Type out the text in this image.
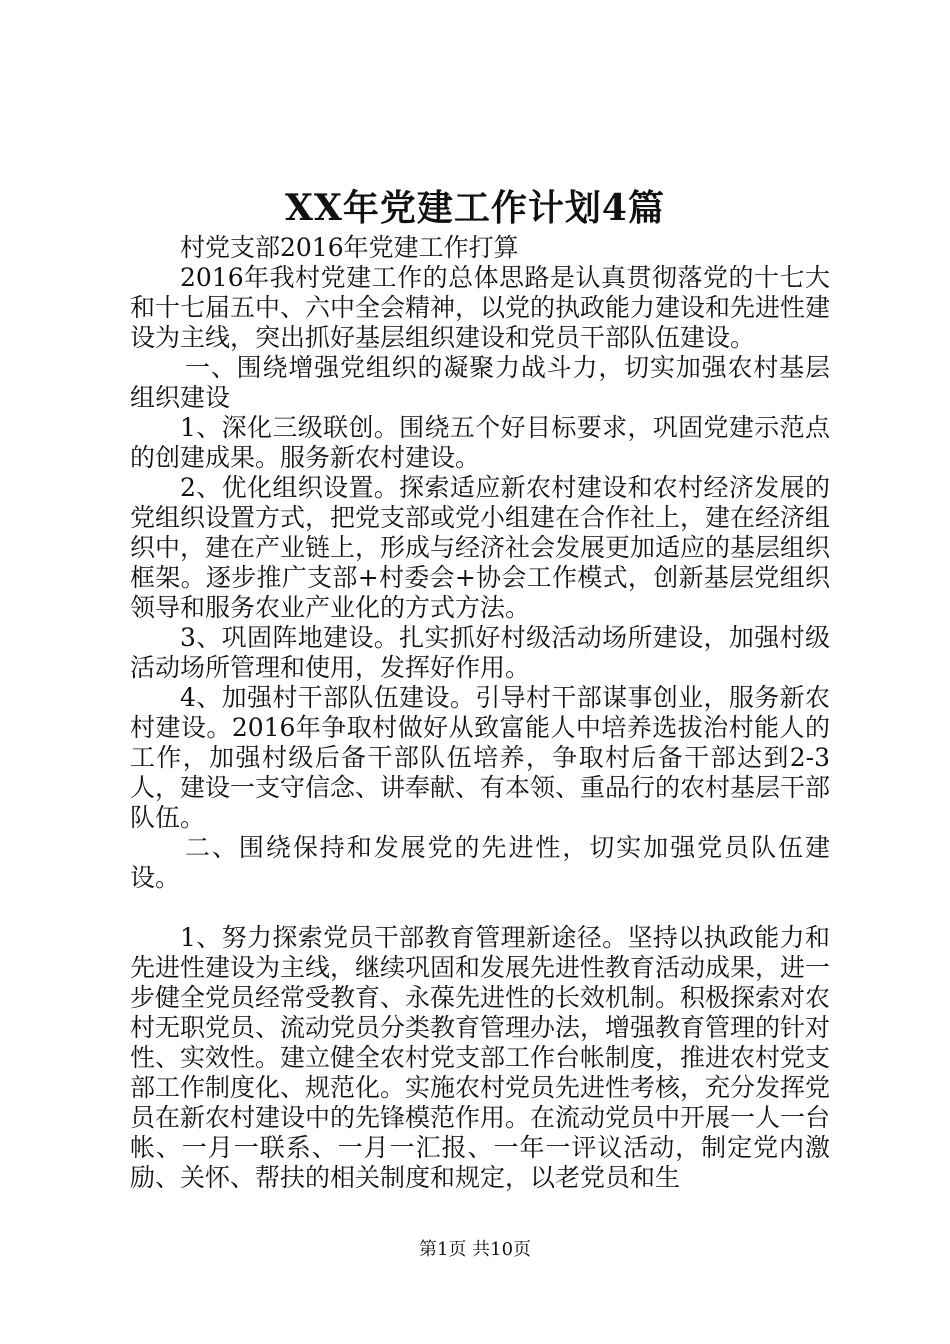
XX年党建工作计划4篇

村党支部2016年党建工作打算

2016年我村党建工作的总体思路是认真贯彻落党的十七大和十七届五中、六中全会精神，以党的执政能力建设和先进性建设为主线，突出抓好基层组织建设和党员干部队伍建设。

一、围绕增强党组织的凝聚力战斗力，切实加强农村基层组织建设

1、深化三级联创。围绕五个好目标要求，巩固党建示范点的创建成果。服务新农村建设。

2、优化组织设置。探索适应新农村建设和农村经济发展的党组织设置方式，把党支部或党小组建在合作社上，建在经济组织中，建在产业链上，形成与经济社会发展更加适应的基层组织框架。逐步推广支部+村委会+协会工作模式，创新基层党组织领导和服务农业产业化的方式方法。

3、巩固阵地建设。扎实抓好村级活动场所建设，加强村级活动场所管理和使用，发挥好作用。

4、加强村干部队伍建设。引导村干部谋事创业，服务新农村建设。2016年争取村做好从致富能人中培养选拔治村能人的工作，加强村级后备干部队伍培养，争取村后备干部达到2-3人，建设一支守信念、讲奉献、有本领、重品行的农村基层干部队伍。

二、围绕保持和发展党的先进性，切实加强党员队伍建设。

1、努力探索党员干部教育管理新途径。坚持以执政能力和先进性建设为主线，继续巩固和发展先进性教育活动成果，进一步健全党员经常受教育、永葆先进性的长效机制。积极探索对农村无职党员、流动党员分类教育管理办法，增强教育管理的针对性、实效性。建立健全农村党支部工作台帐制度，推进农村党支部工作制度化、规范化。实施农村党员先进性考核，充分发挥党员在新农村建设中的先锋模范作用。在流动党员中开展一人一台帐、一月一联系、一月一汇报、一年一评议活动，制定党内激励、关怀、帮扶的相关制度和规定，以老党员和生

第1页 共10页
